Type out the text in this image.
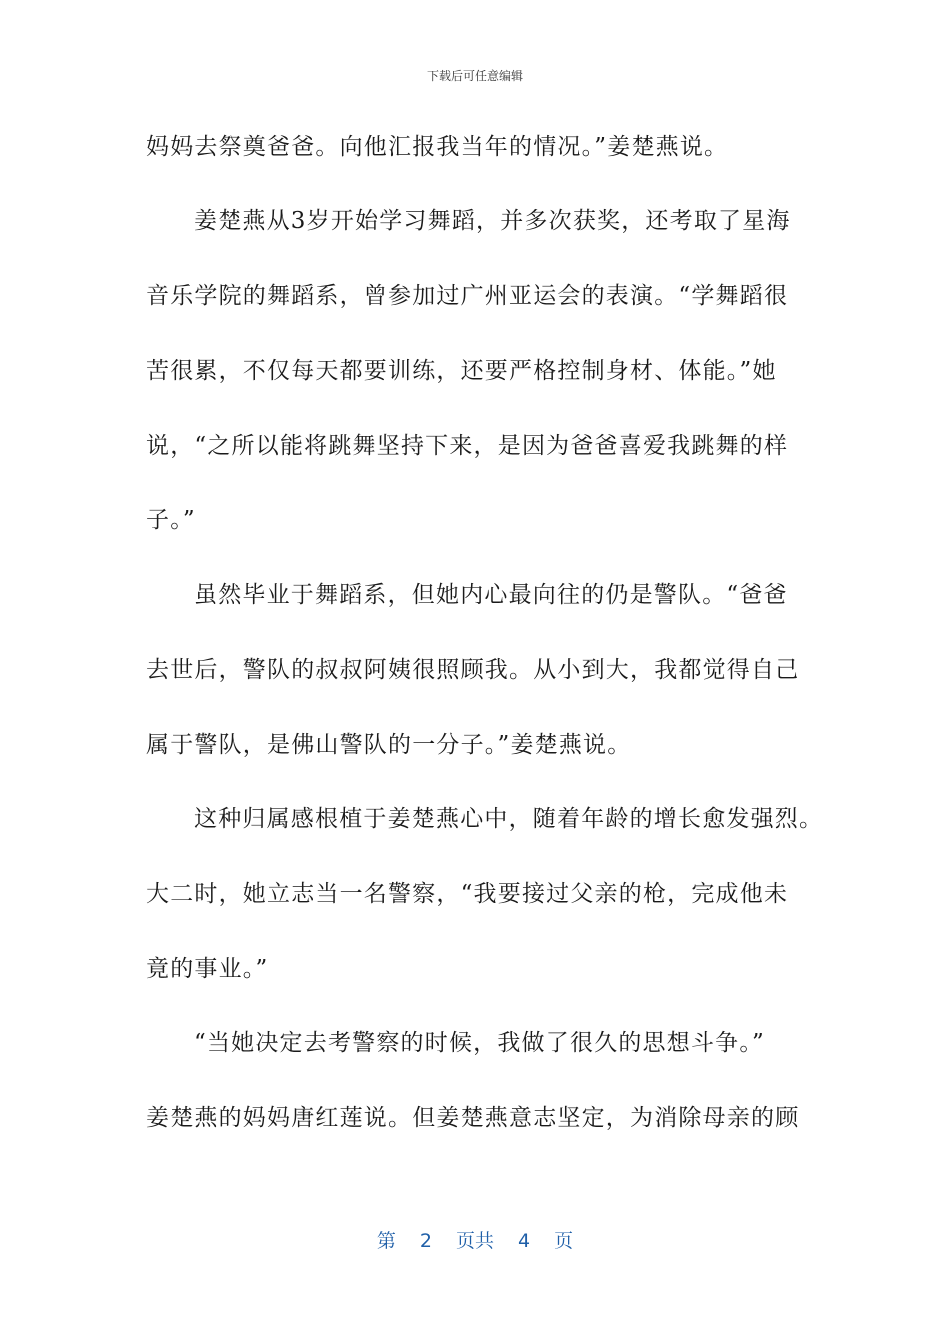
下载后可任意编辑
妈妈去祭奠爸爸。向他汇报我当年的情况。”姜楚燕说。
姜楚燕从3岁开始学习舞蹈，并多次获奖，还考取了星海
音乐学院的舞蹈系，曾参加过广州亚运会的表演。“学舞蹈很
苦很累，不仅每天都要训练，还要严格控制身材、体能。”她
说，“之所以能将跳舞坚持下来，是因为爸爸喜爱我跳舞的样
子。”
虽然毕业于舞蹈系，但她内心最向往的仍是警队。“爸爸
去世后，警队的叔叔阿姨很照顾我。从小到大，我都觉得自己
属于警队，是佛山警队的一分子。”姜楚燕说。
这种归属感根植于姜楚燕心中，随着年龄的增长愈发强烈。
大二时，她立志当一名警察，“我要接过父亲的枪，完成他未
竟的事业。”
“当她决定去考警察的时候，我做了很久的思想斗争。”
姜楚燕的妈妈唐红莲说。但姜楚燕意志坚定，为消除母亲的顾
第 2 页共 4 页
